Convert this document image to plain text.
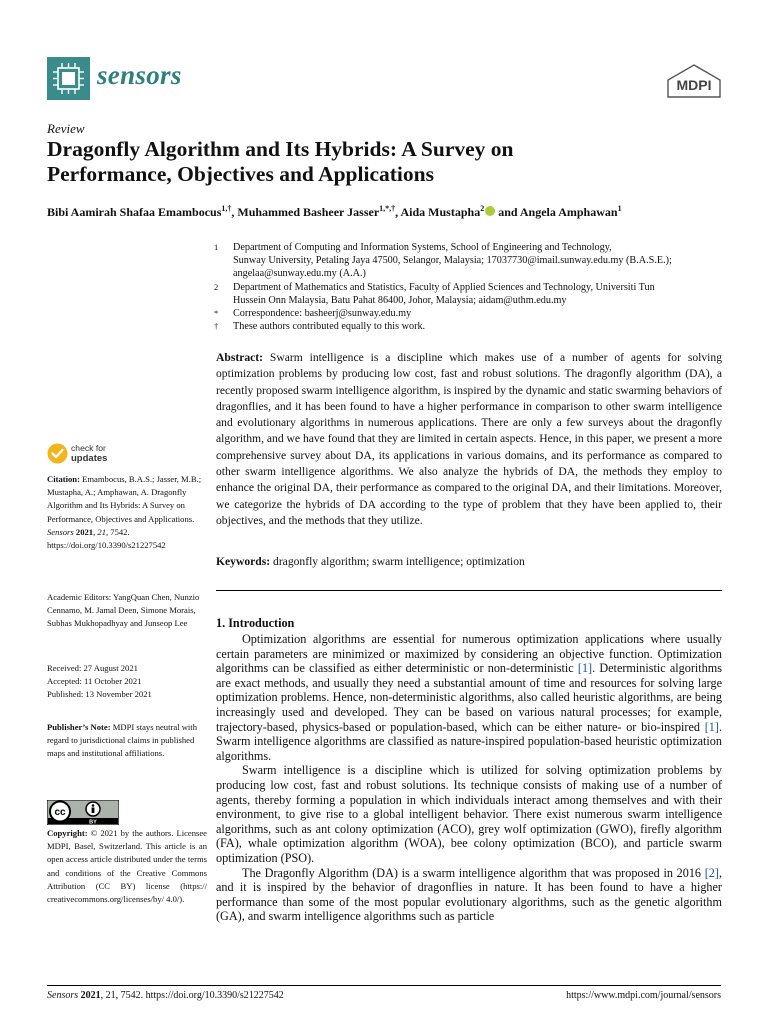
sensors	MDPI
Review
Dragonfly Algorithm and Its Hybrids: A Survey on
Performance, Objectives and Applications
Bibi Aamirah Shafaa Emambocus$^{1,\dagger}$, Muhammed Basheer Jasser$^{1,*,\dagger}$, Aida Mustapha$^2$ and Angela Amphawan$^1$
1 Department of Computing and Information Systems, School of Engineering and Technology,
Sunway University, Petaling Jaya 47500, Selangor, Malaysia; 17037730@imail.sunway.edu.my (B.A.S.E.);
angelaa@sunway.edu.my (A.A.)
2 Department of Mathematics and Statistics, Faculty of Applied Sciences and Technology, Universiti Tun
Hussein Onn Malaysia, Batu Pahat 86400, Johor, Malaysia; aidam@uthm.edu.my
* Correspondence: basheerj@sunway.edu.my
† These authors contributed equally to this work.

Abstract: Swarm intelligence is a discipline which makes use of a number of agents for solving optimization problems by producing low cost, fast and robust solutions. The dragonfly algorithm (DA), a recently proposed swarm intelligence algorithm, is inspired by the dynamic and static swarming behaviors of dragonflies, and it has been found to have a higher performance in comparison to other swarm intelligence and evolutionary algorithms in numerous applications. There are only a few surveys about the dragonfly algorithm, and we have found that they are limited in certain aspects. Hence, in this paper, we present a more comprehensive survey about DA, its applications in various domains, and its performance as compared to other swarm intelligence algorithms. We also analyze the hybrids of DA, the methods they employ to enhance the original DA, their performance as compared to the original DA, and their limitations. Moreover, we categorize the hybrids of DA according to the type of problem that they have been applied to, their objectives, and the methods that they utilize.

Keywords: dragonfly algorithm; swarm intelligence; optimization
1. Introduction

Optimization algorithms are essential for numerous optimization applications where usually certain parameters are minimized or maximized by considering an objective function. Optimization algorithms can be classified as either deterministic or non-deterministic [1]. Deterministic algorithms are exact methods, and usually they need a substantial amount of time and resources for solving large optimization problems. Hence, non-deterministic algorithms, also called heuristic algorithms, are being increasingly used and developed. They can be based on various natural processes; for example, trajectory-based, physics-based or population-based, which can be either nature- or bio-inspired [1]. Swarm intelligence algorithms are classified as nature-inspired population-based heuristic optimization algorithms.

Swarm intelligence is a discipline which is utilized for solving optimization problems by producing low cost, fast and robust solutions. Its technique consists of making use of a number of agents, thereby forming a population in which individuals interact among themselves and with their environment, to give rise to a global intelligent behavior. There exist numerous swarm intelligence algorithms, such as ant colony optimization (ACO), grey wolf optimization (GWO), firefly algorithm (FA), whale optimization algorithm (WOA), bee colony optimization (BCO), and particle swarm optimization (PSO).

The Dragonfly Algorithm (DA) is a swarm intelligence algorithm that was proposed in 2016 [2], and it is inspired by the behavior of dragonflies in nature. It has been found to have a higher performance than some of the most popular evolutionary algorithms, such as the genetic algorithm (GA), and swarm intelligence algorithms such as particle

check for
updates

Citation: Emambocus, B.A.S.; Jasser, M.B.; Mustapha, A.; Amphawan, A. Dragonfly Algorithm and Its Hybrids: A Survey on Performance, Objectives and Applications. Sensors 2021, 21, 7542. https://doi.org/10.3390/s21227542

Academic Editors: YangQuan Chen, Nunzio Cennamo, M. Jamal Deen, Simone Morais, Subhas Mukhopadhyay and Junseop Lee
Received: 27 August 2021
Accepted: 11 October 2021
Published: 13 November 2021

Publisher’s Note: MDPI stays neutral with regard to jurisdictional claims in published maps and institutional affiliations.

cc
BY

Copyright: © 2021 by the authors. Licensee MDPI, Basel, Switzerland. This article is an open access article distributed under the terms and conditions of the Creative Commons Attribution (CC BY) license (https:// creativecommons.org/licenses/by/ 4.0/).

Sensors 2021, 21, 7542. https://doi.org/10.3390/s21227542	https://www.mdpi.com/journal/sensors
